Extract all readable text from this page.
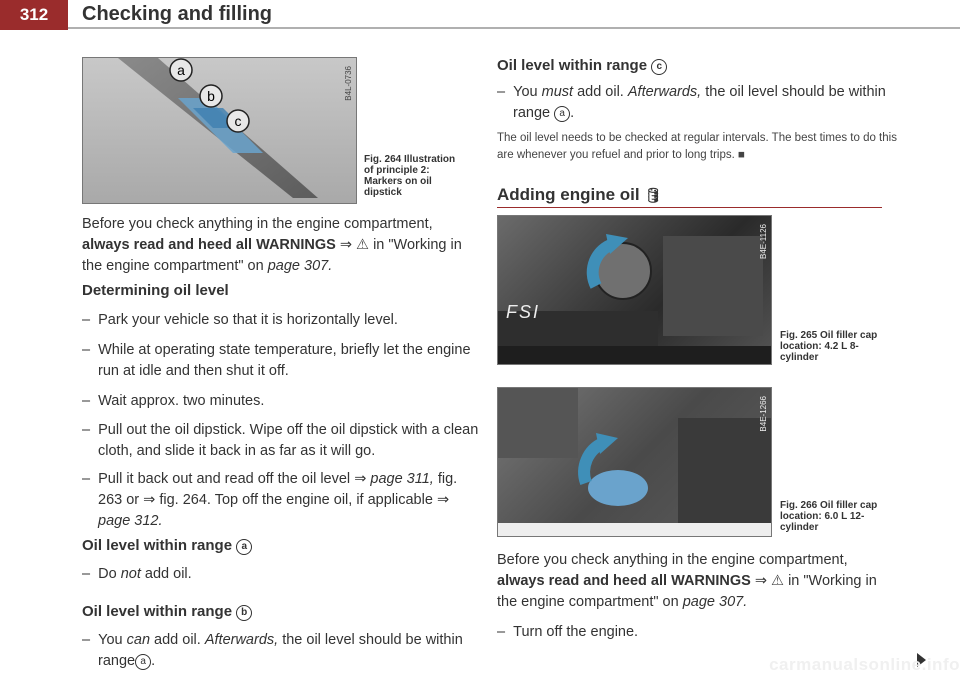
312	Checking and filling
a
b
c
B4L-0736
Fig. 264 Illustration of principle 2: Markers on oil dipstick
Before you check anything in the engine compartment,
always read and heed all WARNINGS ⇒ ⚠ in "Working in the engine compartment" on page 307.
Determining oil level
–  Park your vehicle so that it is horizontally level.
–  While at operating state temperature, briefly let the engine run at idle and then shut it off.
–  Wait approx. two minutes.
–  Pull out the oil dipstick. Wipe off the oil dipstick with a clean cloth, and slide it back in as far as it will go.
–  Pull it back out and read off the oil level ⇒ page 311, fig. 263 or ⇒ fig. 264. Top off the engine oil, if applicable ⇒ page 312.
Oil level within range a
–  Do not add oil.
Oil level within range b
–  You can add oil. Afterwards, the oil level should be within range a .
Oil level within range c
–  You must add oil. Afterwards, the oil level should be within range a .
The oil level needs to be checked at regular intervals. The best times to do this are whenever you refuel and prior to long trips. ■
Adding engine oil 🛢
FSI
B4E-1126
Fig. 265 Oil filler cap location: 4.2 L 8-cylinder
B4E-1266
Fig. 266 Oil filler cap location: 6.0 L 12-cylinder
Before you check anything in the engine compartment,
always read and heed all WARNINGS ⇒ ⚠ in "Working in the engine compartment" on page 307.
–  Turn off the engine.
carmanualsonline.info
